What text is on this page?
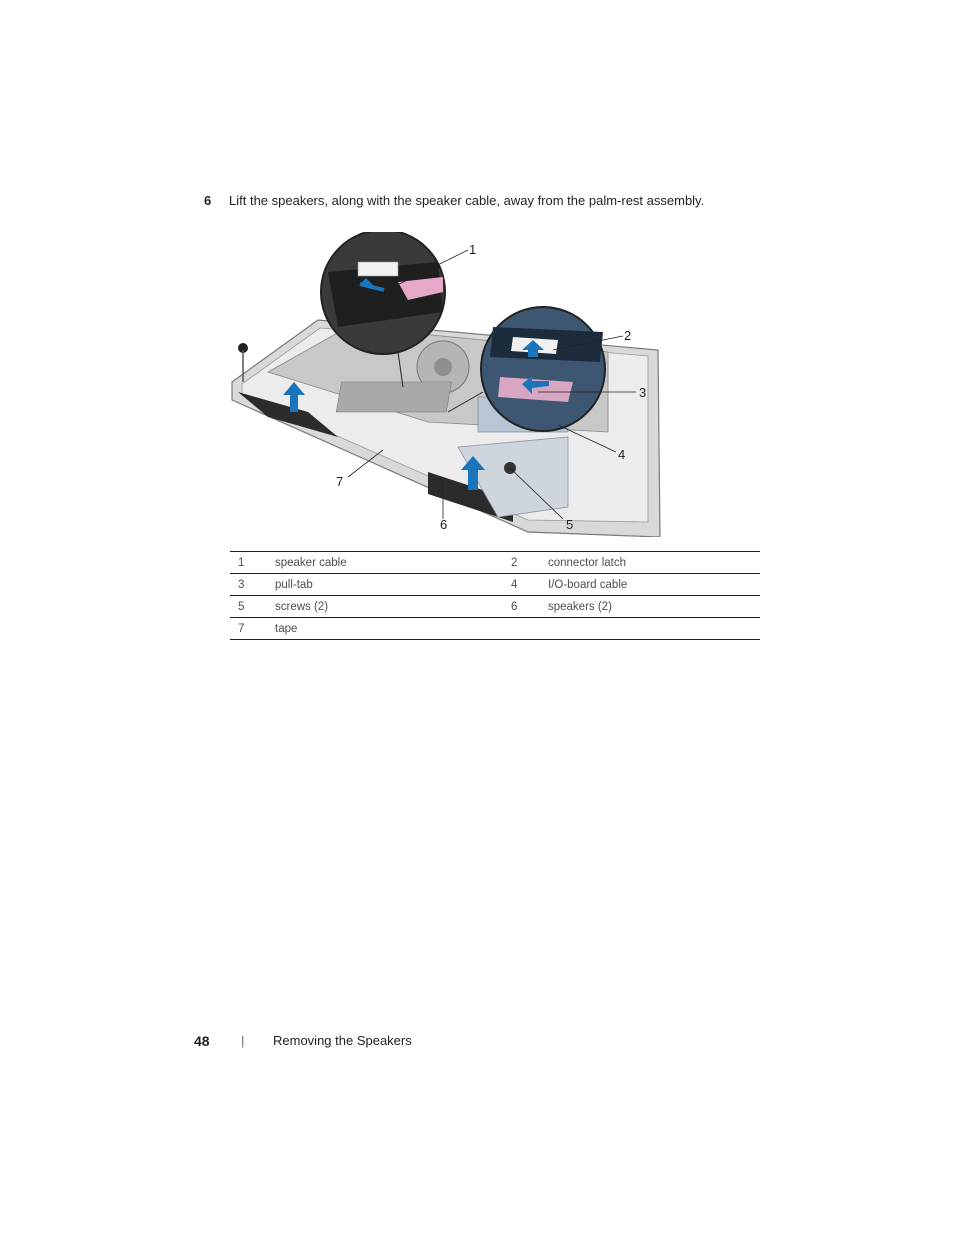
6 Lift the speakers, along with the speaker cable, away from the palm-rest assembly.
1
2
3
4
5
6
7
1	speaker cable	2	connector latch
3	pull-tab	4	I/O-board cable
5	screws (2)	6	speakers (2)
7	tape		
48 | Removing the Speakers
